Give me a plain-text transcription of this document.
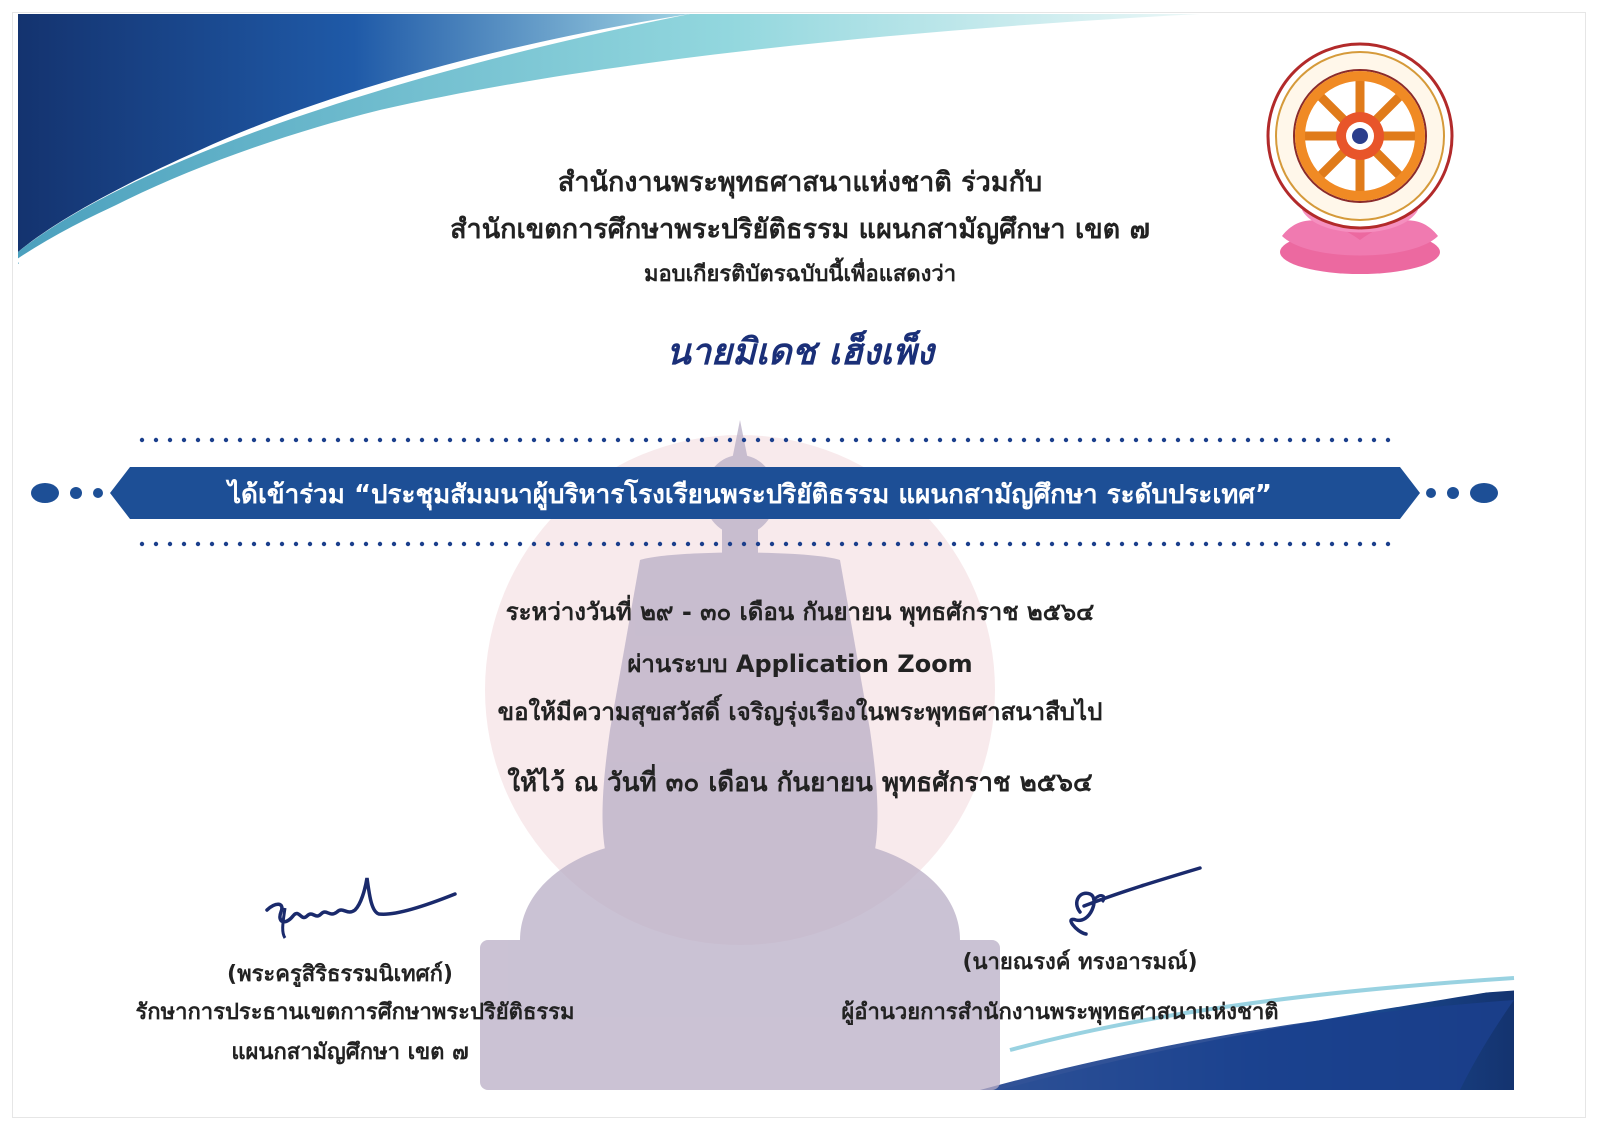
สำนักงานพระพุทธศาสนาแห่งชาติ ร่วมกับ
สำนักเขตการศึกษาพระปริยัติธรรม แผนกสามัญศึกษา เขต ๗
มอบเกียรติบัตรฉบับนี้เพื่อแสดงว่า
นายมิเดช เฮ็งเพ็ง
ได้เข้าร่วม “ประชุมสัมมนาผู้บริหารโรงเรียนพระปริยัติธรรม แผนกสามัญศึกษา ระดับประเทศ”
ระหว่างวันที่ ๒๙ - ๓๐ เดือน กันยายน พุทธศักราช ๒๕๖๔
ผ่านระบบ Application Zoom
ขอให้มีความสุขสวัสดิ์ เจริญรุ่งเรืองในพระพุทธศาสนาสืบไป
ให้ไว้ ณ วันที่ ๓๐ เดือน กันยายน พุทธศักราช ๒๕๖๔
(พระครูสิริธรรมนิเทศก์)
รักษาการประธานเขตการศึกษาพระปริยัติธรรม
แผนกสามัญศึกษา เขต ๗
(นายณรงค์ ทรงอารมณ์)
ผู้อำนวยการสำนักงานพระพุทธศาสนาแห่งชาติ
